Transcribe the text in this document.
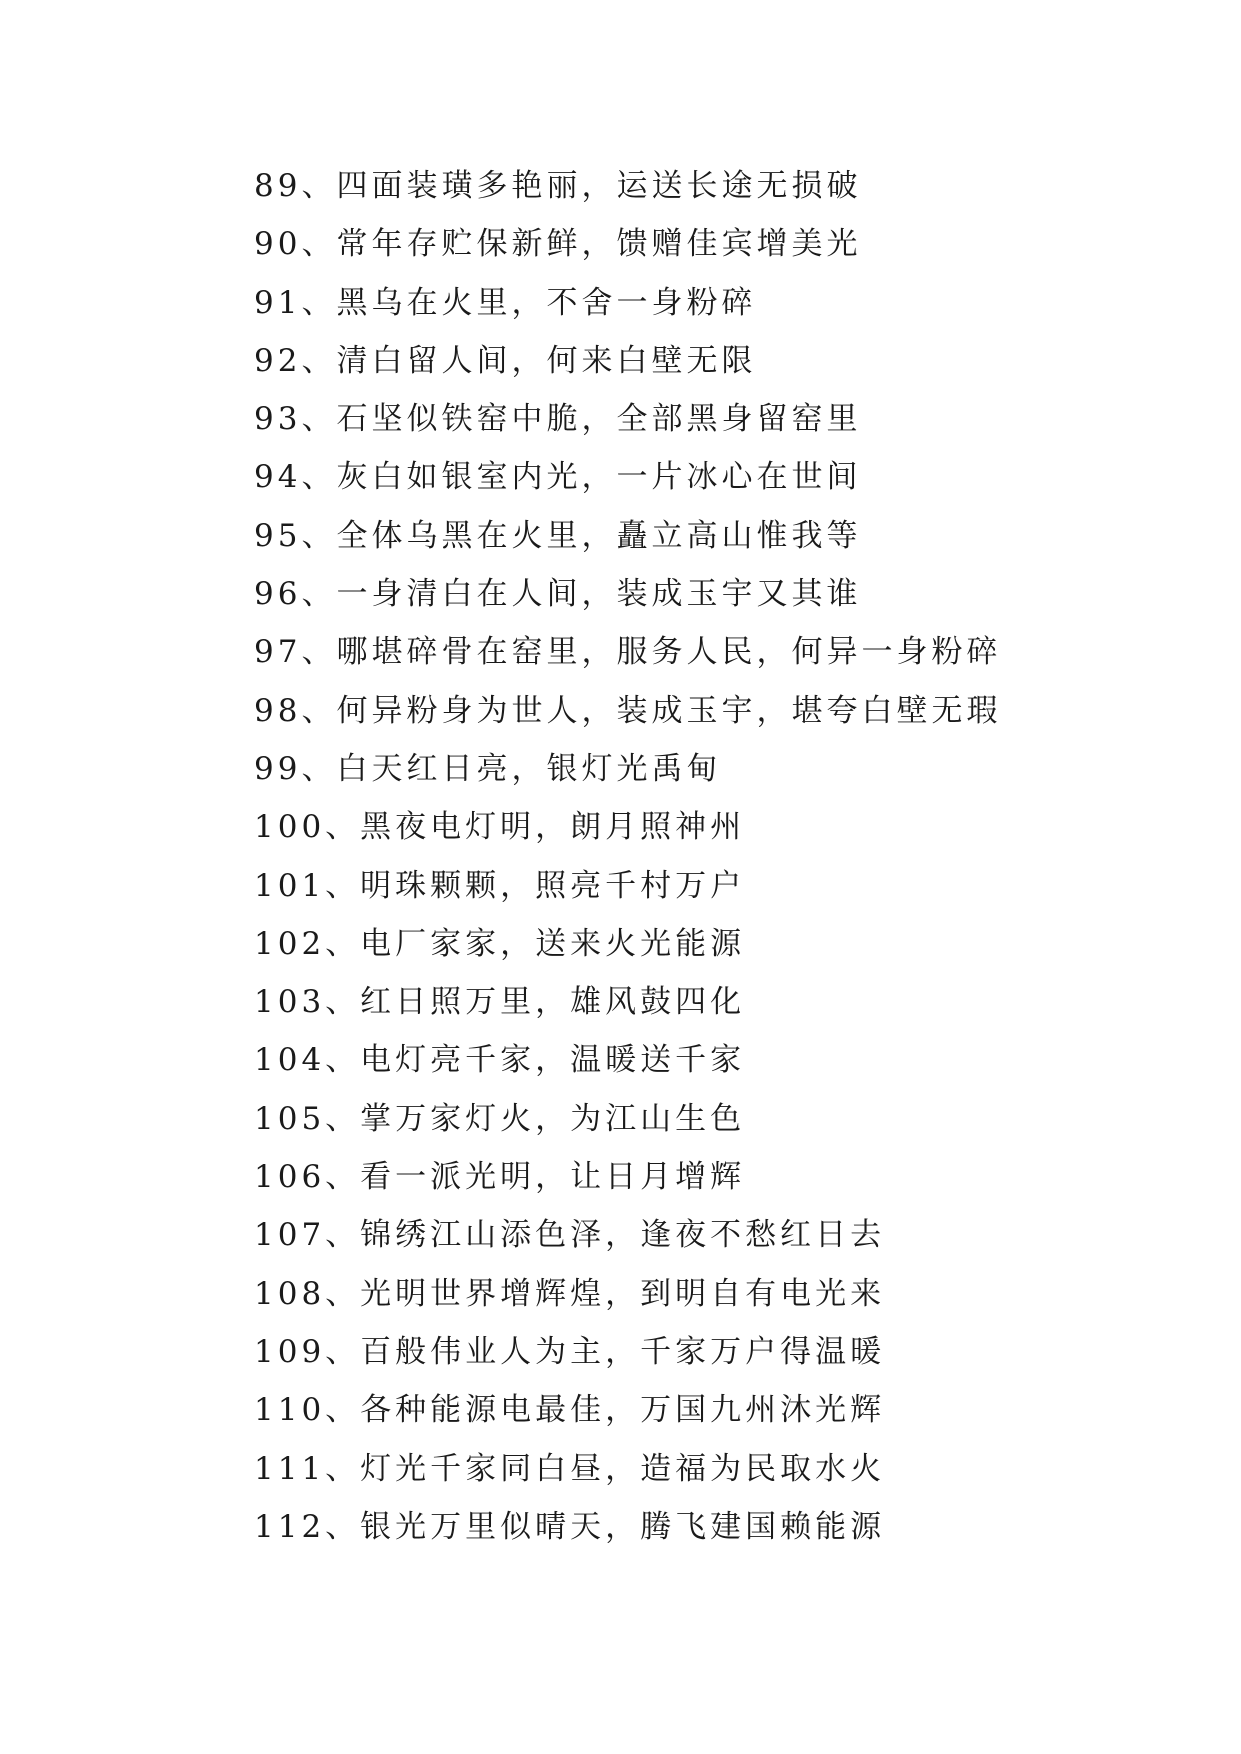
89、四面装璜多艳丽，运送长途无损破
90、常年存贮保新鲜，馈赠佳宾增美光
91、黑乌在火里，不舍一身粉碎
92、清白留人间，何来白壁无限
93、石坚似铁窑中脆，全部黑身留窑里
94、灰白如银室内光，一片冰心在世间
95、全体乌黑在火里，矗立高山惟我等
96、一身清白在人间，装成玉宇又其谁
97、哪堪碎骨在窑里，服务人民，何异一身粉碎
98、何异粉身为世人，装成玉宇，堪夸白壁无瑕
99、白天红日亮，银灯光禹甸
100、黑夜电灯明，朗月照神州
101、明珠颗颗，照亮千村万户
102、电厂家家，送来火光能源
103、红日照万里，雄风鼓四化
104、电灯亮千家，温暖送千家
105、掌万家灯火，为江山生色
106、看一派光明，让日月增辉
107、锦绣江山添色泽，逢夜不愁红日去
108、光明世界增辉煌，到明自有电光来
109、百般伟业人为主，千家万户得温暖
110、各种能源电最佳，万国九州沐光辉
111、灯光千家同白昼，造福为民取水火
112、银光万里似晴天，腾飞建国赖能源
